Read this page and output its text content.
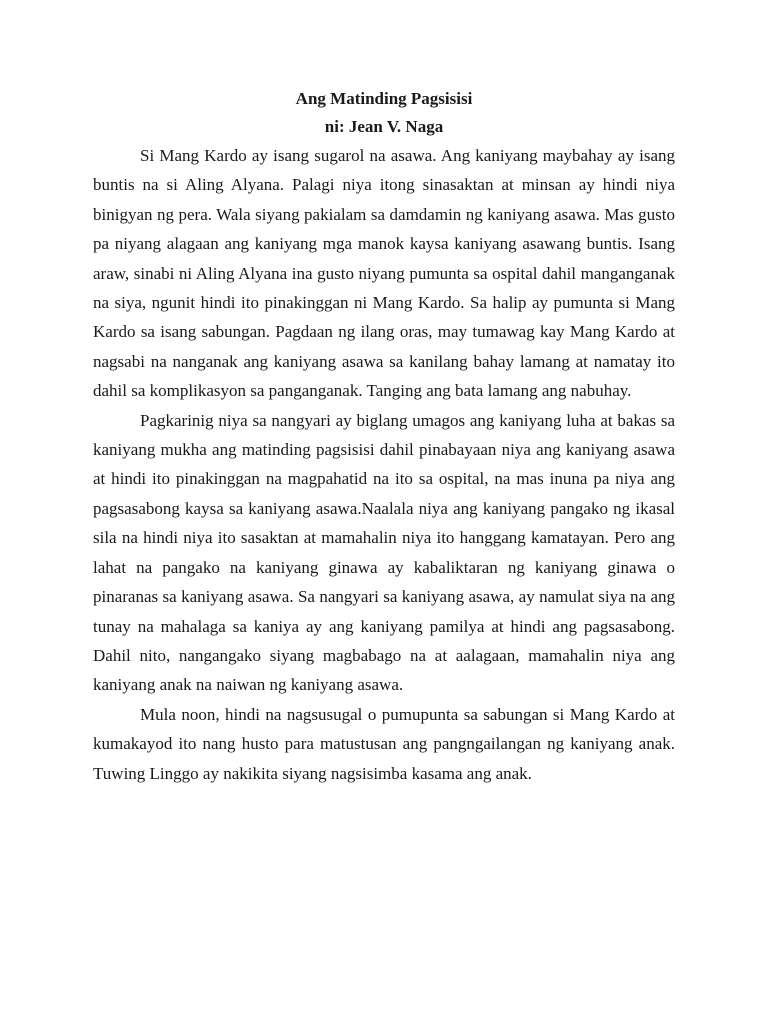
Ang Matinding Pagsisisi

ni: Jean V. Naga

Si Mang Kardo ay isang sugarol na asawa. Ang kaniyang maybahay ay isang buntis na si Aling Alyana. Palagi niya itong sinasaktan at minsan ay hindi niya binigyan ng pera. Wala siyang pakialam sa damdamin ng kaniyang asawa. Mas gusto pa niyang alagaan ang kaniyang mga manok kaysa kaniyang asawang buntis. Isang araw, sinabi ni Aling Alyana ina gusto niyang pumunta sa ospital dahil manganganak na siya, ngunit hindi ito pinakinggan ni Mang Kardo. Sa halip ay pumunta si Mang Kardo sa isang sabungan. Pagdaan ng ilang oras, may tumawag kay Mang Kardo at nagsabi na nanganak ang kaniyang asawa sa kanilang bahay lamang at namatay ito dahil sa komplikasyon sa panganganak. Tanging ang bata lamang ang nabuhay.

Pagkarinig niya sa nangyari ay biglang umagos ang kaniyang luha at bakas sa kaniyang mukha ang matinding pagsisisi dahil pinabayaan niya ang kaniyang asawa at hindi ito pinakinggan na magpahatid na ito sa ospital, na mas inuna pa niya ang pagsasabong kaysa sa kaniyang asawa.Naalala niya ang kaniyang pangako ng ikasal sila na hindi niya ito sasaktan at mamahalin niya ito hanggang kamatayan. Pero ang lahat na pangako na kaniyang ginawa ay kabaliktaran ng kaniyang ginawa o pinaranas sa kaniyang asawa. Sa nangyari sa kaniyang asawa, ay namulat siya na ang tunay na mahalaga sa kaniya ay ang kaniyang pamilya at hindi ang pagsasabong. Dahil nito, nangangako siyang magbabago na at aalagaan, mamahalin niya ang kaniyang anak na naiwan ng kaniyang asawa.

Mula noon, hindi na nagsusugal o pumupunta sa sabungan si Mang Kardo at kumakayod ito nang husto para matustusan ang pangngailangan ng kaniyang anak. Tuwing Linggo ay nakikita siyang nagsisimba kasama ang anak.
